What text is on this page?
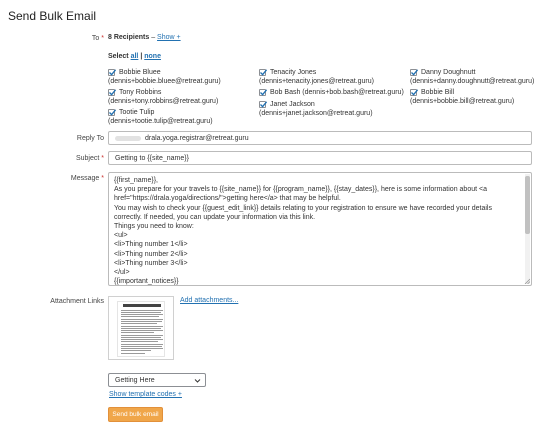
Send Bulk Email
To * 8 Recipients – Show +
Select all | none
Bobbie Bluee
(dennis+bobbie.bluee@retreat.guru)
Tony Robbins
(dennis+tony.robbins@retreat.guru)
Tootie Tulip
(dennis+tootie.tulip@retreat.guru)
Tenacity Jones
(dennis+tenacity.jones@retreat.guru)
Bob Bash (dennis+bob.bash@retreat.guru)
Janet Jackson
(dennis+janet.jackson@retreat.guru)
Danny Doughnutt
(dennis+danny.doughnutt@retreat.guru)
Bobbie Bill
(dennis+bobbie.bill@retreat.guru)
Reply To	drala.yoga.registrar@retreat.guru
Subject *	Getting to {{site_name}}
Message * {{first_name}},
As you prepare for your travels to {{site_name}} for {{program_name}}, {{stay_dates}}, here is some information about <a href="https://drala.yoga/directions/">getting here</a> that may be helpful.
You may wish to check your {{guest_edit_link}} details relating to your registration to ensure we have recorded your details correctly. If needed, you can update your information via this link.
Things you need to know:
<ul>
<li>Thing number 1</li>
<li>Thing number 2</li>
<li>Thing number 3</li>
</ul>
{{important_notices}}
Attachment Links	Add attachments...
Getting Here
Show template codes +
Send bulk email
